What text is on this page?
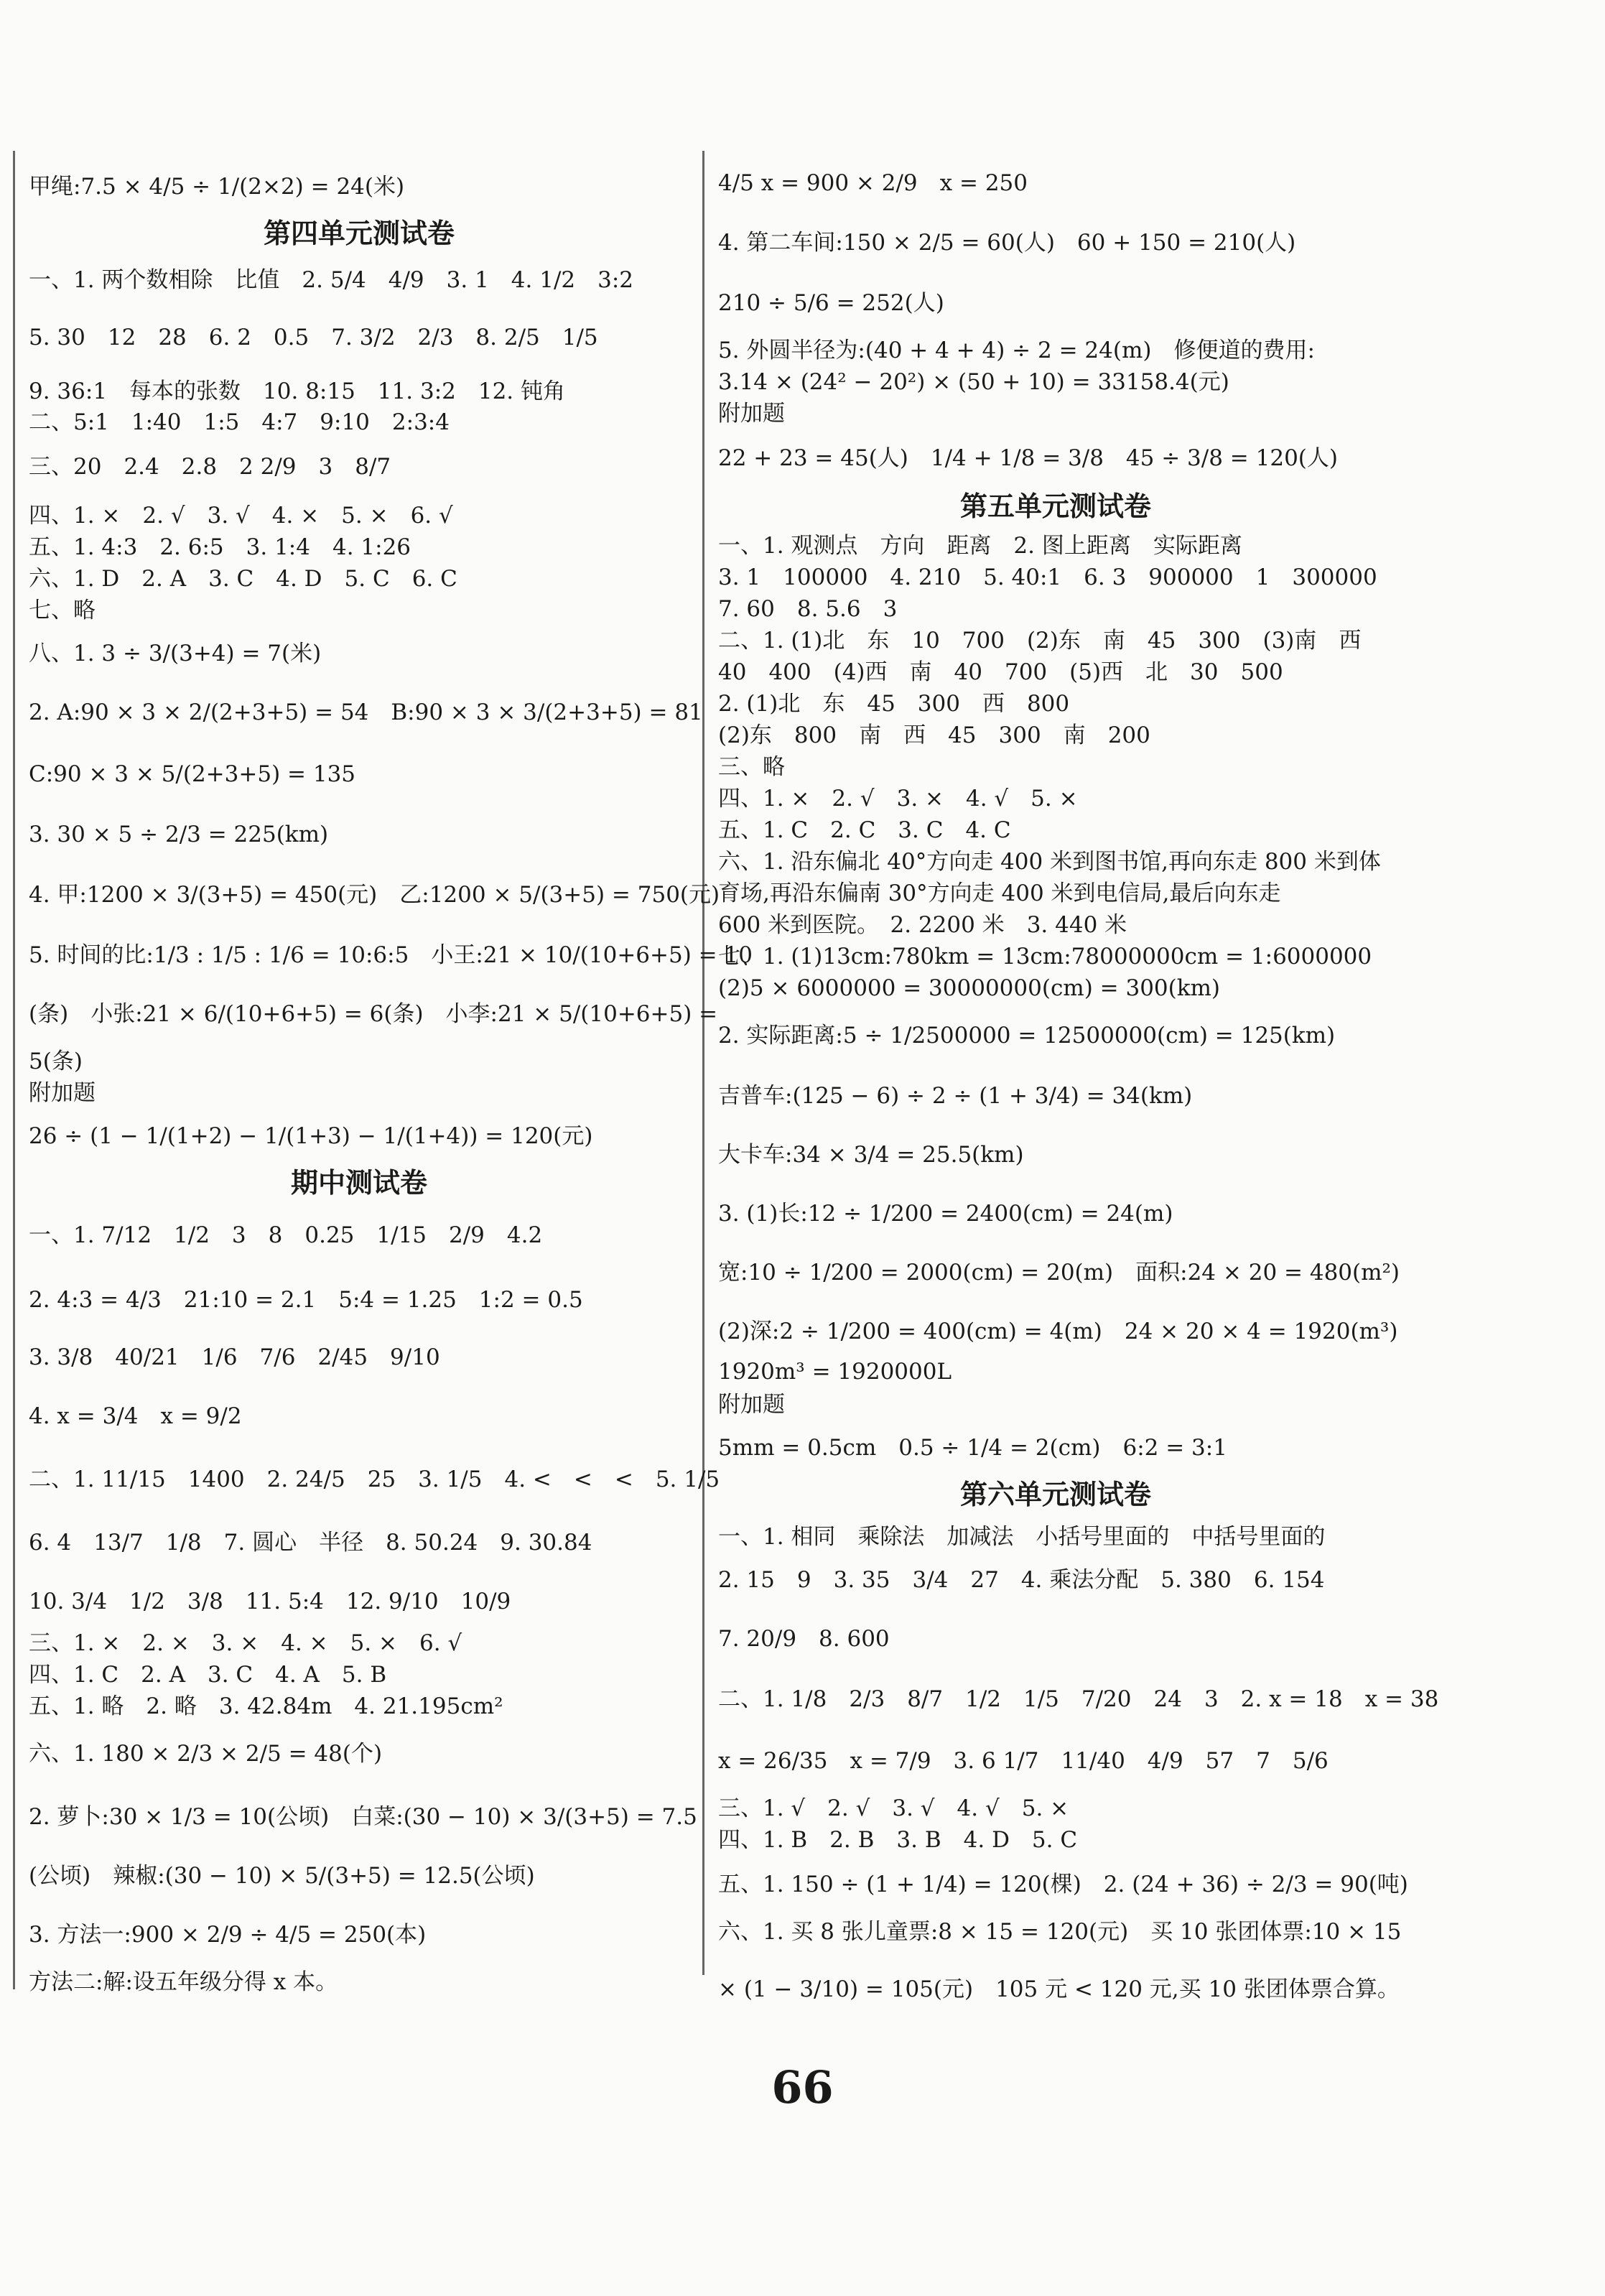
甲绳:7.5 × 4/5 ÷ 1/(2×2) = 24(米)
第四单元测试卷
一、1. 两个数相除　比值　2. 5/4　4/9　3. 1　4. 1/2　3:2
5. 30　12　28　6. 2　0.5　7. 3/2　2/3　8. 2/5　1/5
9. 36:1　每本的张数　10. 8:15　11. 3:2　12. 钝角
二、5:1　1:40　1:5　4:7　9:10　2:3:4
三、20　2.4　2.8　2 2/9　3　8/7
四、1. ×　2. √　3. √　4. ×　5. ×　6. √
五、1. 4:3　2. 6:5　3. 1:4　4. 1:26
六、1. D　2. A　3. C　4. D　5. C　6. C
七、略
八、1. 3 ÷ 3/(3+4) = 7(米)
2. A:90 × 3 × 2/(2+3+5) = 54　B:90 × 3 × 3/(2+3+5) = 81
C:90 × 3 × 5/(2+3+5) = 135
3. 30 × 5 ÷ 2/3 = 225(km)
4. 甲:1200 × 3/(3+5) = 450(元)　乙:1200 × 5/(3+5) = 750(元)
5. 时间的比:1/3 : 1/5 : 1/6 = 10:6:5　小王:21 × 10/(10+6+5) = 10
(条)　小张:21 × 6/(10+6+5) = 6(条)　小李:21 × 5/(10+6+5) =
5(条)
附加题
26 ÷ (1 − 1/(1+2) − 1/(1+3) − 1/(1+4)) = 120(元)
期中测试卷
一、1. 7/12　1/2　3　8　0.25　1/15　2/9　4.2
2. 4:3 = 4/3　21:10 = 2.1　5:4 = 1.25　1:2 = 0.5
3. 3/8　40/21　1/6　7/6　2/45　9/10
4. x = 3/4　x = 9/2
二、1. 11/15　1400　2. 24/5　25　3. 1/5　4. <　<　<　5. 1/5
6. 4　13/7　1/8　7. 圆心　半径　8. 50.24　9. 30.84
10. 3/4　1/2　3/8　11. 5:4　12. 9/10　10/9
三、1. ×　2. ×　3. ×　4. ×　5. ×　6. √
四、1. C　2. A　3. C　4. A　5. B
五、1. 略　2. 略　3. 42.84m　4. 21.195cm²
六、1. 180 × 2/3 × 2/5 = 48(个)
2. 萝卜:30 × 1/3 = 10(公顷)　白菜:(30 − 10) × 3/(3+5) = 7.5
(公顷)　辣椒:(30 − 10) × 5/(3+5) = 12.5(公顷)
3. 方法一:900 × 2/9 ÷ 4/5 = 250(本)
方法二:解:设五年级分得 x 本。
4/5 x = 900 × 2/9　x = 250
4. 第二车间:150 × 2/5 = 60(人)　60 + 150 = 210(人)
210 ÷ 5/6 = 252(人)
5. 外圆半径为:(40 + 4 + 4) ÷ 2 = 24(m)　修便道的费用:
3.14 × (24² − 20²) × (50 + 10) = 33158.4(元)
附加题
22 + 23 = 45(人)　1/4 + 1/8 = 3/8　45 ÷ 3/8 = 120(人)
第五单元测试卷
一、1. 观测点　方向　距离　2. 图上距离　实际距离
3. 1　100000　4. 210　5. 40:1　6. 3　900000　1　300000
7. 60　8. 5.6　3
二、1. (1)北　东　10　700　(2)东　南　45　300　(3)南　西
40　400　(4)西　南　40　700　(5)西　北　30　500
2. (1)北　东　45　300　西　800
(2)东　800　南　西　45　300　南　200
三、略
四、1. ×　2. √　3. ×　4. √　5. ×
五、1. C　2. C　3. C　4. C
六、1. 沿东偏北 40°方向走 400 米到图书馆,再向东走 800 米到体
育场,再沿东偏南 30°方向走 400 米到电信局,最后向东走
600 米到医院。　2. 2200 米　3. 440 米
七、1. (1)13cm:780km = 13cm:78000000cm = 1:6000000
(2)5 × 6000000 = 30000000(cm) = 300(km)
2. 实际距离:5 ÷ 1/2500000 = 12500000(cm) = 125(km)
吉普车:(125 − 6) ÷ 2 ÷ (1 + 3/4) = 34(km)
大卡车:34 × 3/4 = 25.5(km)
3. (1)长:12 ÷ 1/200 = 2400(cm) = 24(m)
宽:10 ÷ 1/200 = 2000(cm) = 20(m)　面积:24 × 20 = 480(m²)
(2)深:2 ÷ 1/200 = 400(cm) = 4(m)　24 × 20 × 4 = 1920(m³)
1920m³ = 1920000L
附加题
5mm = 0.5cm　0.5 ÷ 1/4 = 2(cm)　6:2 = 3:1
第六单元测试卷
一、1. 相同　乘除法　加减法　小括号里面的　中括号里面的
2. 15　9　3. 35　3/4　27　4. 乘法分配　5. 380　6. 154
7. 20/9　8. 600
二、1. 1/8　2/3　8/7　1/2　1/5　7/20　24　3　2. x = 18　x = 38
x = 26/35　x = 7/9　3. 6 1/7　11/40　4/9　57　7　5/6
三、1. √　2. √　3. √　4. √　5. ×
四、1. B　2. B　3. B　4. D　5. C
五、1. 150 ÷ (1 + 1/4) = 120(棵)　2. (24 + 36) ÷ 2/3 = 90(吨)
六、1. 买 8 张儿童票:8 × 15 = 120(元)　买 10 张团体票:10 × 15
× (1 − 3/10) = 105(元)　105 元 < 120 元,买 10 张团体票合算。
66
